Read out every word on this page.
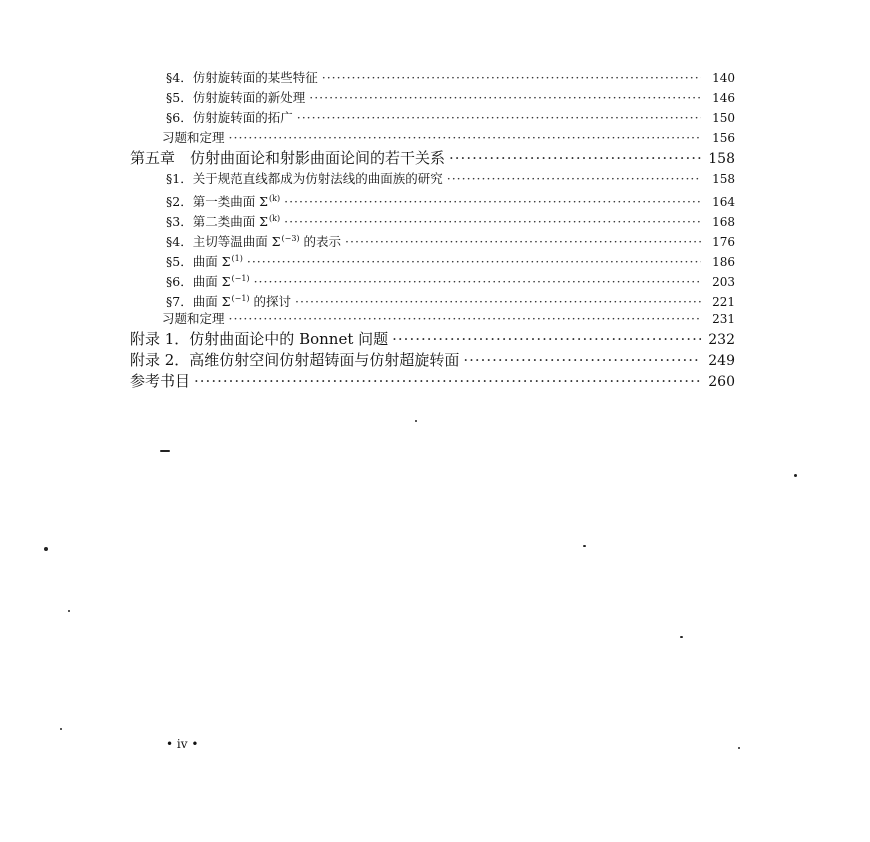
§4．仿射旋转面的某些特征 ·····	140
§5．仿射旋转面的新处理 ·····	146
§6．仿射旋转面的拓广 ·····	150
习题和定理 ·····	156
第五章　仿射曲面论和射影曲面论间的若干关系 ·····	158
§1．关于规范直线都成为仿射法线的曲面族的研究 ·····	158
§2．第一类曲面 $\Sigma^{(k)}$ ·····	164
§3．第二类曲面 $\Sigma^{(k)}$ ·····	168
§4．主切等温曲面 $\Sigma^{(-3)}$ 的表示 ·····	176
§5．曲面 $\Sigma^{(1)}$ ·····	186
§6．曲面 $\Sigma^{(-1)}$ ·····	203
§7．曲面 $\Sigma^{(-1)}$ 的探讨 ·····	221
习题和定理 ·····	231
附录 1．仿射曲面论中的 Bonnet 问题 ·····	232
附录 2．高维仿射空间仿射超铸面与仿射超旋转面 ·····	249
参考书目 ·····	260
• iv •
